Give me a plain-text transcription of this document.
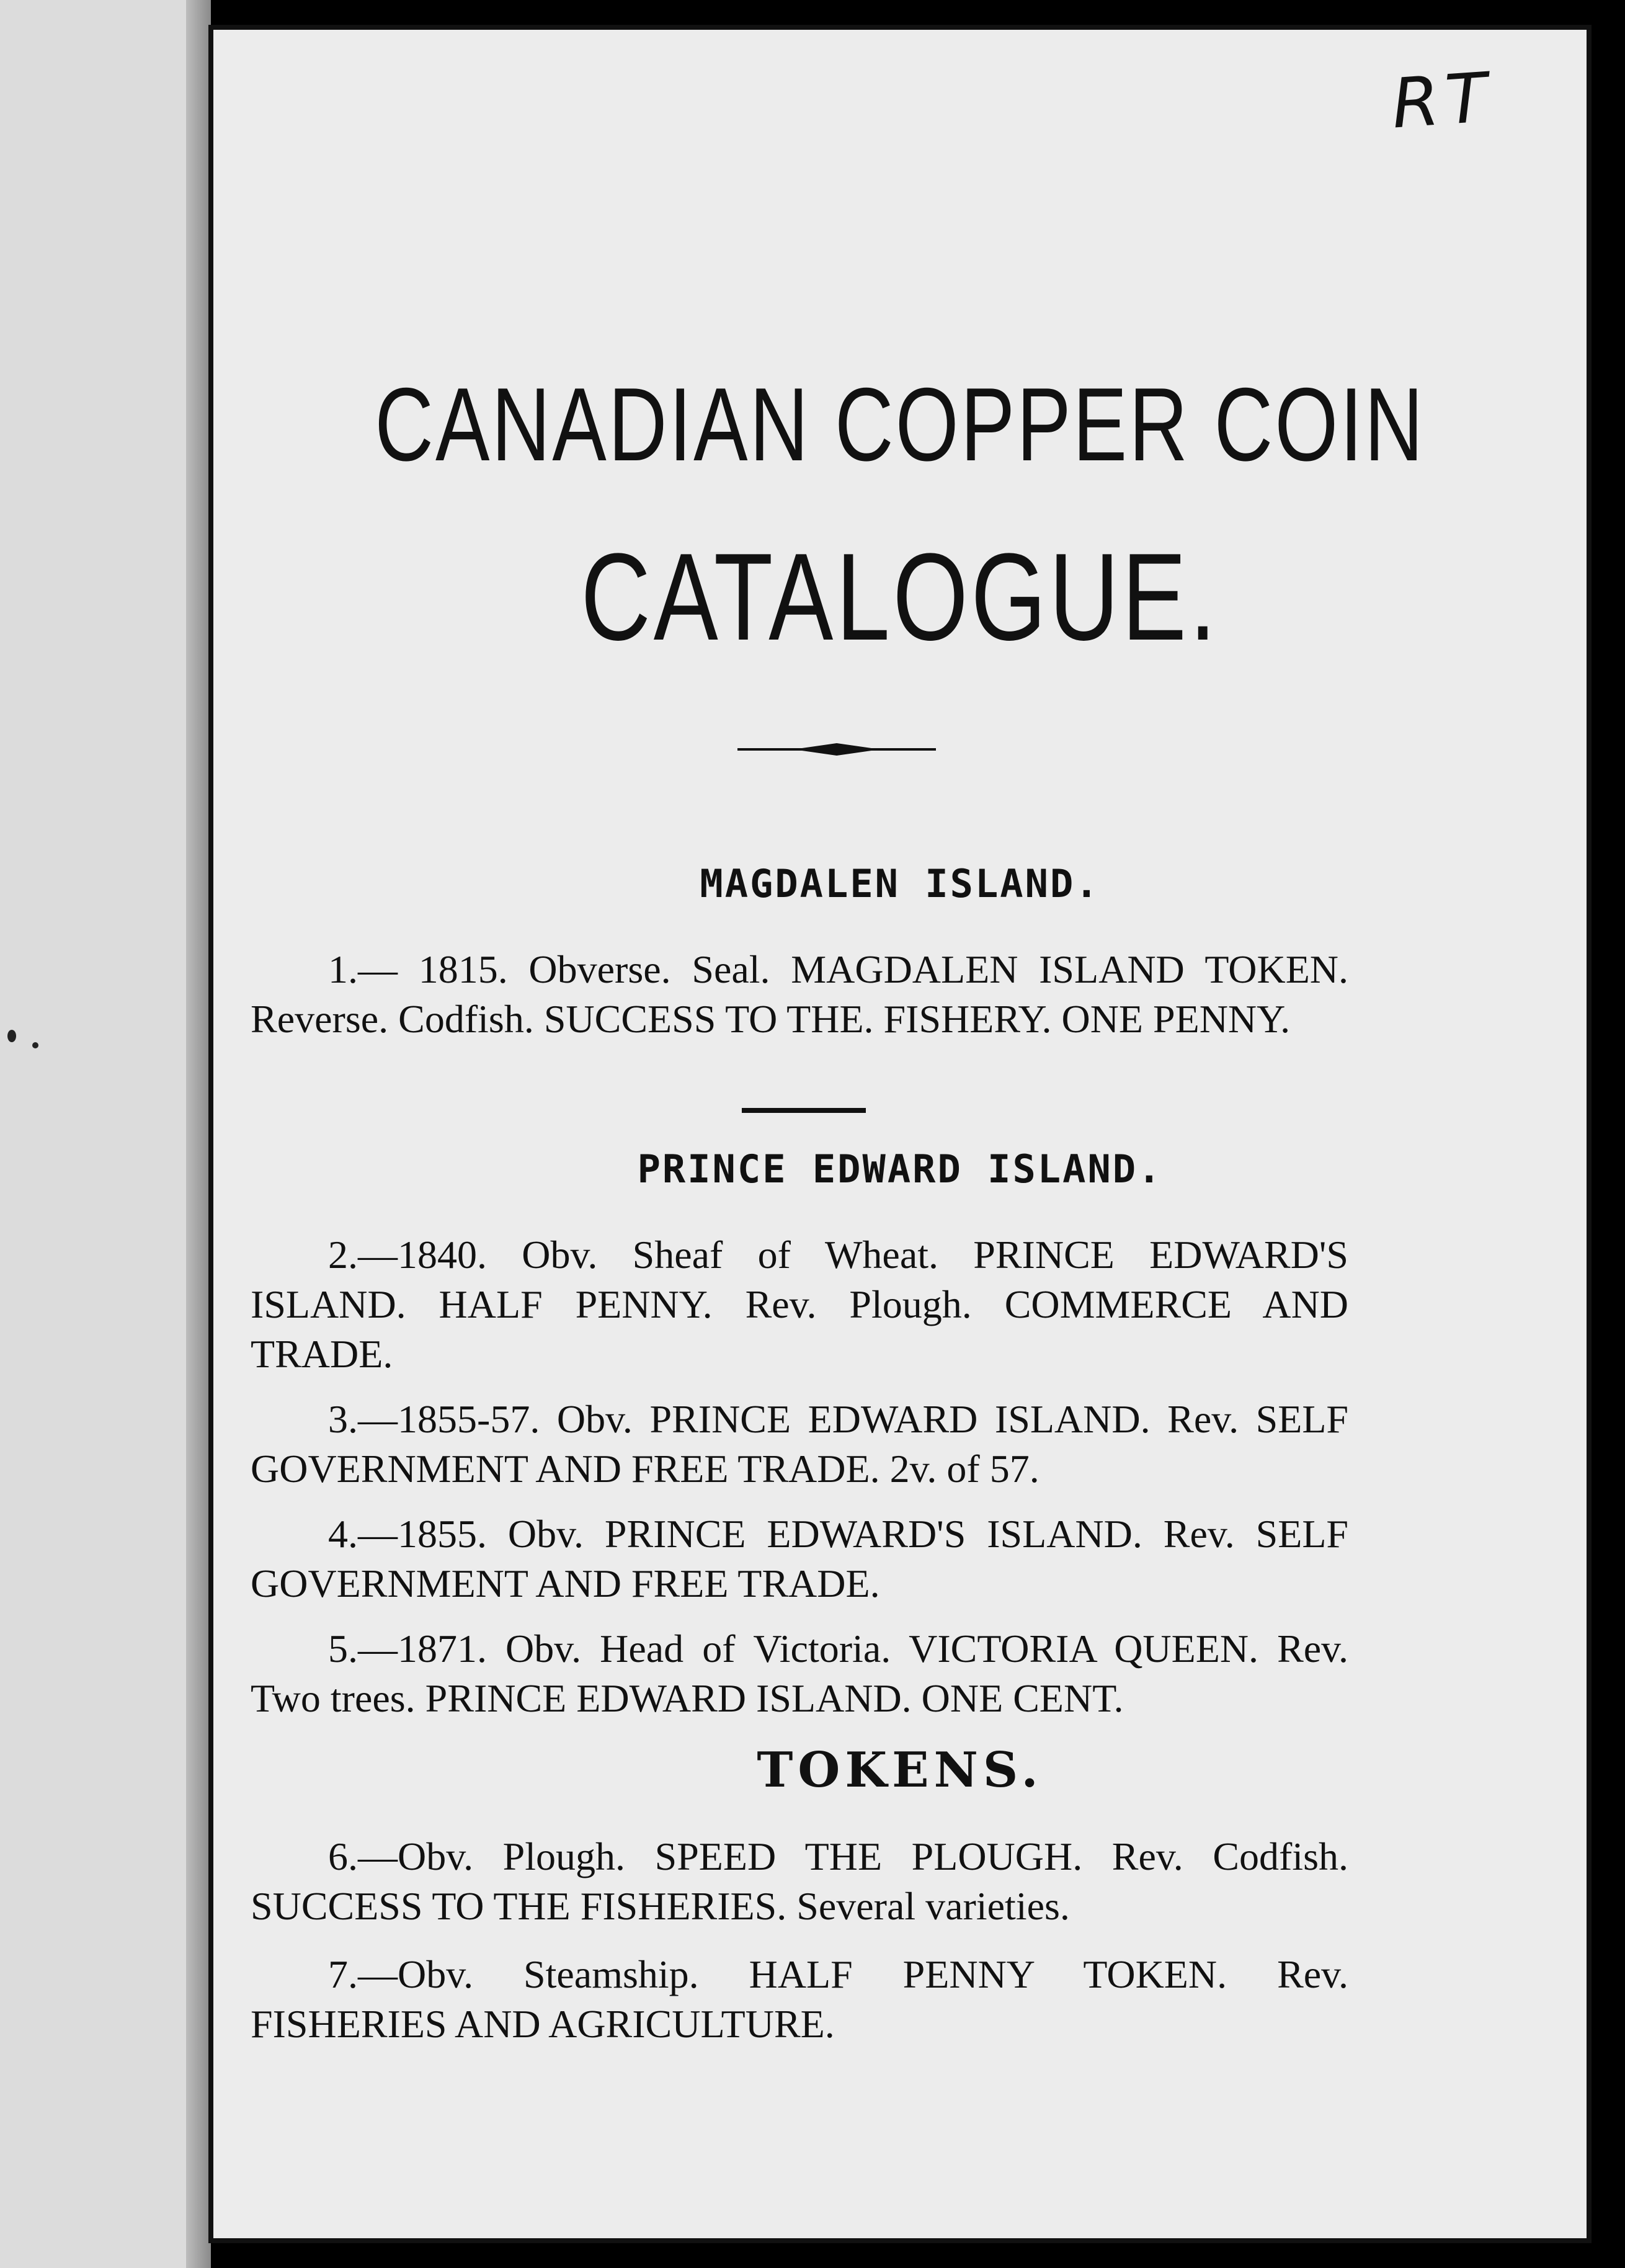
RT
CANADIAN COPPER COIN
CATALOGUE.
MAGDALEN ISLAND.
1.— 1815. Obverse. Seal. MAGDALEN ISLAND TOKEN. Reverse. Codfish. SUCCESS TO THE. FISHERY. ONE PENNY.
PRINCE EDWARD ISLAND.
2.—1840. Obv. Sheaf of Wheat. PRINCE EDWARD'S ISLAND. HALF PENNY. Rev. Plough. COMMERCE AND TRADE.
3.—1855-57. Obv. PRINCE EDWARD ISLAND. Rev. SELF GOVERNMENT AND FREE TRADE. 2v. of 57.
4.—1855. Obv. PRINCE EDWARD'S ISLAND. Rev. SELF GOVERNMENT AND FREE TRADE.
5.—1871. Obv. Head of Victoria. VICTORIA QUEEN. Rev. Two trees. PRINCE EDWARD ISLAND. ONE CENT.
TOKENS.
6.—Obv. Plough. SPEED THE PLOUGH. Rev. Codfish. SUCCESS TO THE FISHERIES. Several varieties.
7.—Obv. Steamship. HALF PENNY TOKEN. Rev. FISHERIES AND AGRICULTURE.
